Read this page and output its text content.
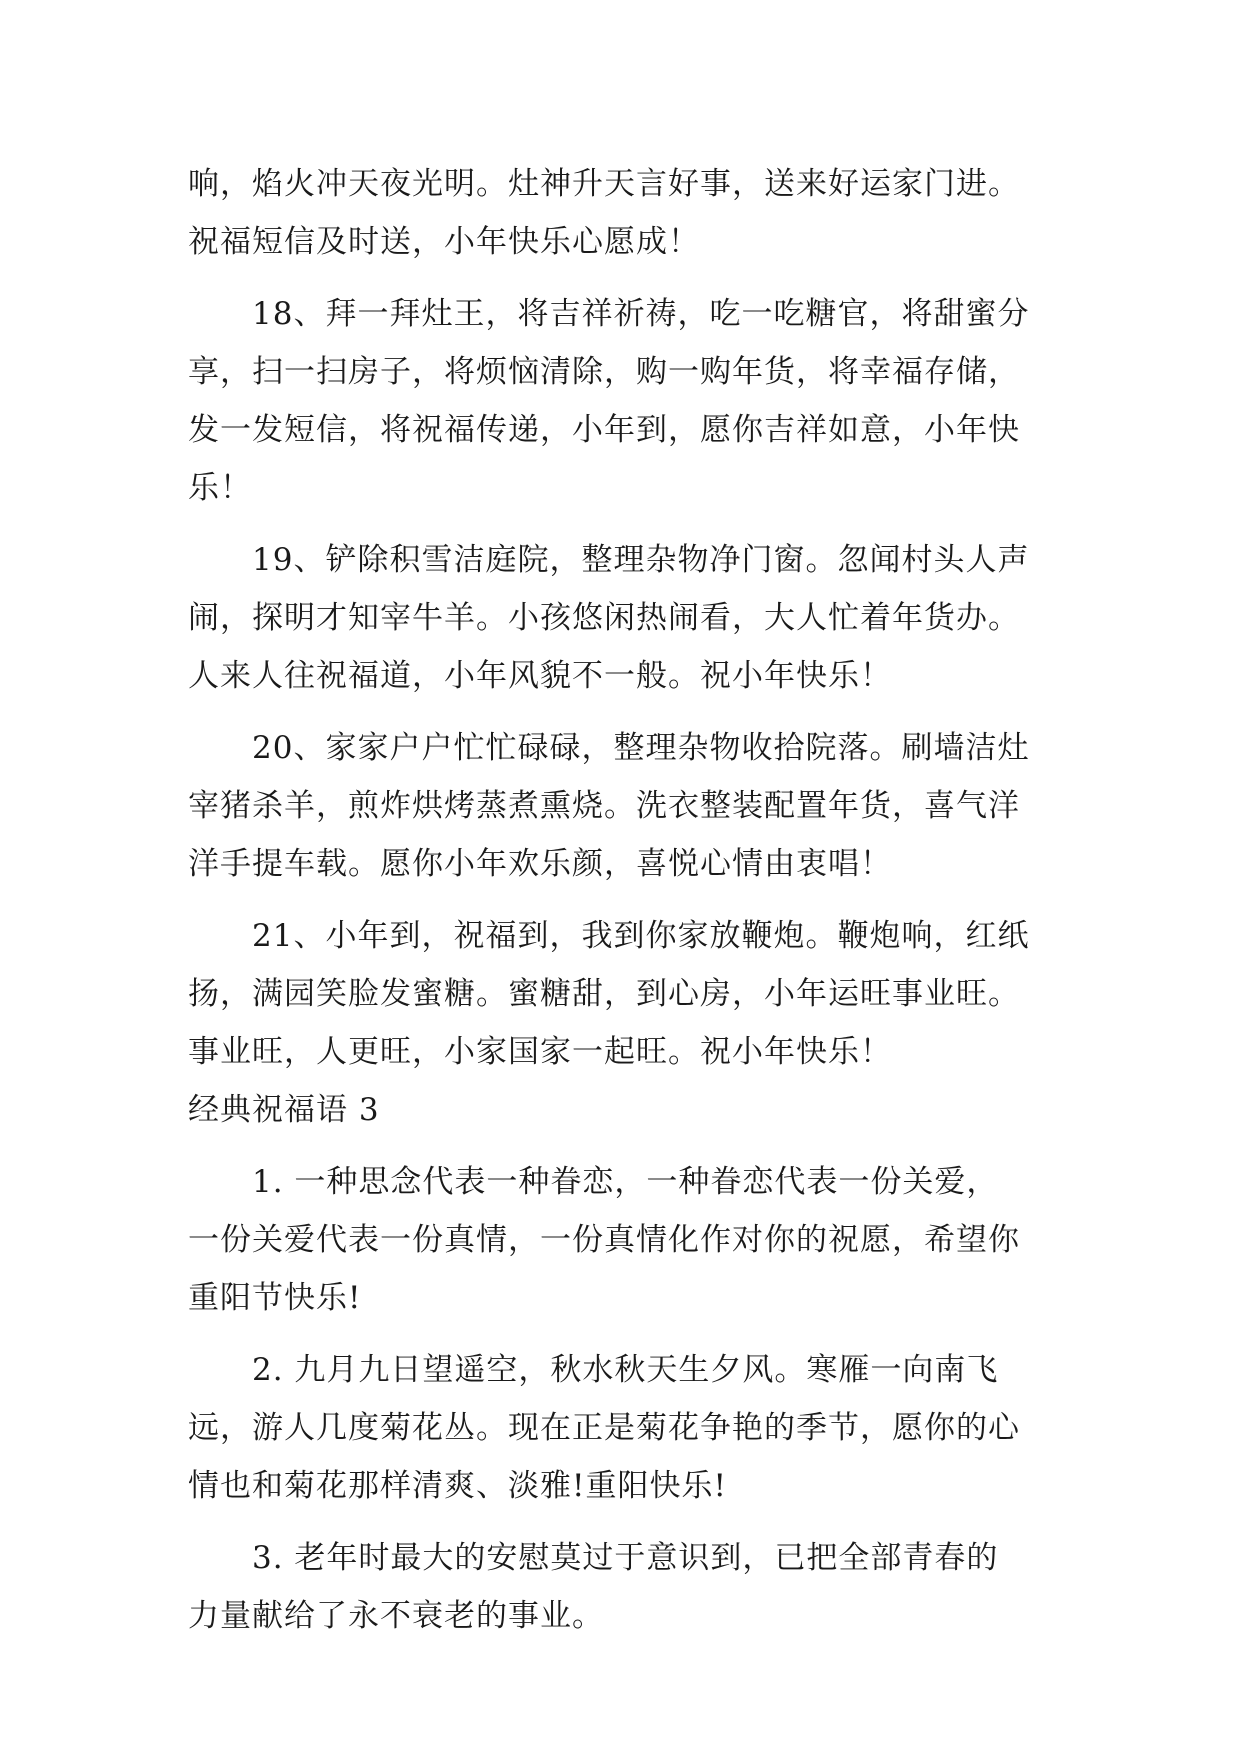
响，焰火冲天夜光明。灶神升天言好事，送来好运家门进。
祝福短信及时送，小年快乐心愿成！
18、拜一拜灶王，将吉祥祈祷，吃一吃糖官，将甜蜜分
享，扫一扫房子，将烦恼清除，购一购年货，将幸福存储，
发一发短信，将祝福传递，小年到，愿你吉祥如意，小年快
乐！
19、铲除积雪洁庭院，整理杂物净门窗。忽闻村头人声
闹，探明才知宰牛羊。小孩悠闲热闹看，大人忙着年货办。
人来人往祝福道，小年风貌不一般。祝小年快乐！
20、家家户户忙忙碌碌，整理杂物收拾院落。刷墙洁灶
宰猪杀羊，煎炸烘烤蒸煮熏烧。洗衣整装配置年货，喜气洋
洋手提车载。愿你小年欢乐颜，喜悦心情由衷唱！
21、小年到，祝福到，我到你家放鞭炮。鞭炮响，红纸
扬，满园笑脸发蜜糖。蜜糖甜，到心房，小年运旺事业旺。
事业旺，人更旺，小家国家一起旺。祝小年快乐！
经典祝福语 3
1. 一种思念代表一种眷恋，一种眷恋代表一份关爱，
一份关爱代表一份真情，一份真情化作对你的祝愿，希望你
重阳节快乐!
2. 九月九日望遥空，秋水秋天生夕风。寒雁一向南飞
远，游人几度菊花丛。现在正是菊花争艳的季节，愿你的心
情也和菊花那样清爽、淡雅!重阳快乐!
3. 老年时最大的安慰莫过于意识到，已把全部青春的
力量献给了永不衰老的事业。
